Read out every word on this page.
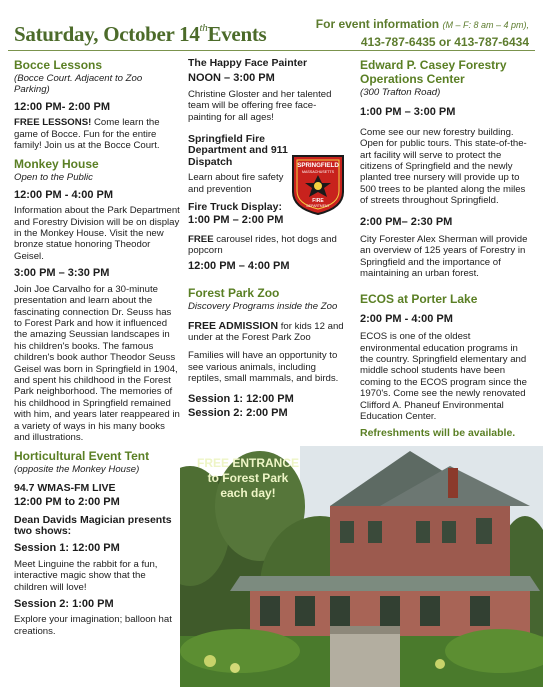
Saturday, October 14thEvents	For event information (M – F: 8 am – 4 pm),
413-787-6435 or 413-787-6434
Bocce Lessons
(Bocce Court. Adjacent to Zoo Parking)
12:00 PM- 2:00 PM
FREE LESSONS! Come learn the game of Bocce. Fun for the entire family! Join us at the Bocce Court.
Monkey House
Open to the Public
12:00 PM - 4:00 PM
Information about the Park Department and Forestry Division will be on display in the Monkey House. Visit the new bronze statue honoring Theodor Geisel.
3:00 PM – 3:30 PM
Join Joe Carvalho for a 30-minute presentation and learn about the fascinating connection Dr. Seuss has to Forest Park and how it influenced the amazing Seussian landscapes in his children's books. The famous children's book author Theodor Seuss Geisel was born in Springfield in 1904, and spent his childhood in the Forest Park neighborhood. The memories of his childhood in Springfield remained with him, and years later reappeared in a variety of ways in his many books and illustrations.
Horticultural Event Tent
(opposite the Monkey House)
94.7 WMAS-FM LIVE
12:00 PM to 2:00 PM
Dean Davids Magician presents two shows:
Session 1: 12:00 PM
Meet Linguine the rabbit for a fun, interactive magic show that the children will love!
Session 2: 1:00 PM
Explore your imagination; balloon hat creations.
The Happy Face Painter
NOON – 3:00 PM
Christine Gloster and her talented team will be offering free face-painting for all ages!
Springfield Fire Department and 911 Dispatch
Learn about fire safety and prevention
Fire Truck Display:
1:00 PM – 2:00 PM
FREE carousel rides, hot dogs and popcorn
12:00 PM – 4:00 PM
Forest Park Zoo
Discovery Programs inside the Zoo
FREE ADMISSION for kids 12 and under at the Forest Park Zoo
Families will have an opportunity to see various animals, including reptiles, small mammals, and birds.
Session 1: 12:00 PM
Session 2: 2:00 PM
SPRINGFIELD
MASSACHUSETTS
FIRE
DEPARTMENT
Edward P. Casey Forestry Operations Center
(300 Trafton Road)
1:00 PM – 3:00 PM
Come see our new forestry building. Open for public tours. This state-of-the-art facility will serve to protect the citizens of Springfield and the newly planted tree nursery will provide up to 500 trees to be planted along the miles of streets throughout Springfield.
2:00 PM– 2:30 PM
City Forester Alex Sherman will provide an overview of 125 years of Forestry in Springfield and the importance of maintaining an urban forest.
ECOS at Porter Lake
2:00 PM - 4:00 PM
ECOS is one of the oldest environmental education programs in the country. Springfield elementary and middle school students have been coming to the ECOS program since the 1970's. Come see the newly renovated Clifford A. Phaneuf Environmental Education Center.
Refreshments will be available.
FREE ENTRANCE to Forest Park each day!
